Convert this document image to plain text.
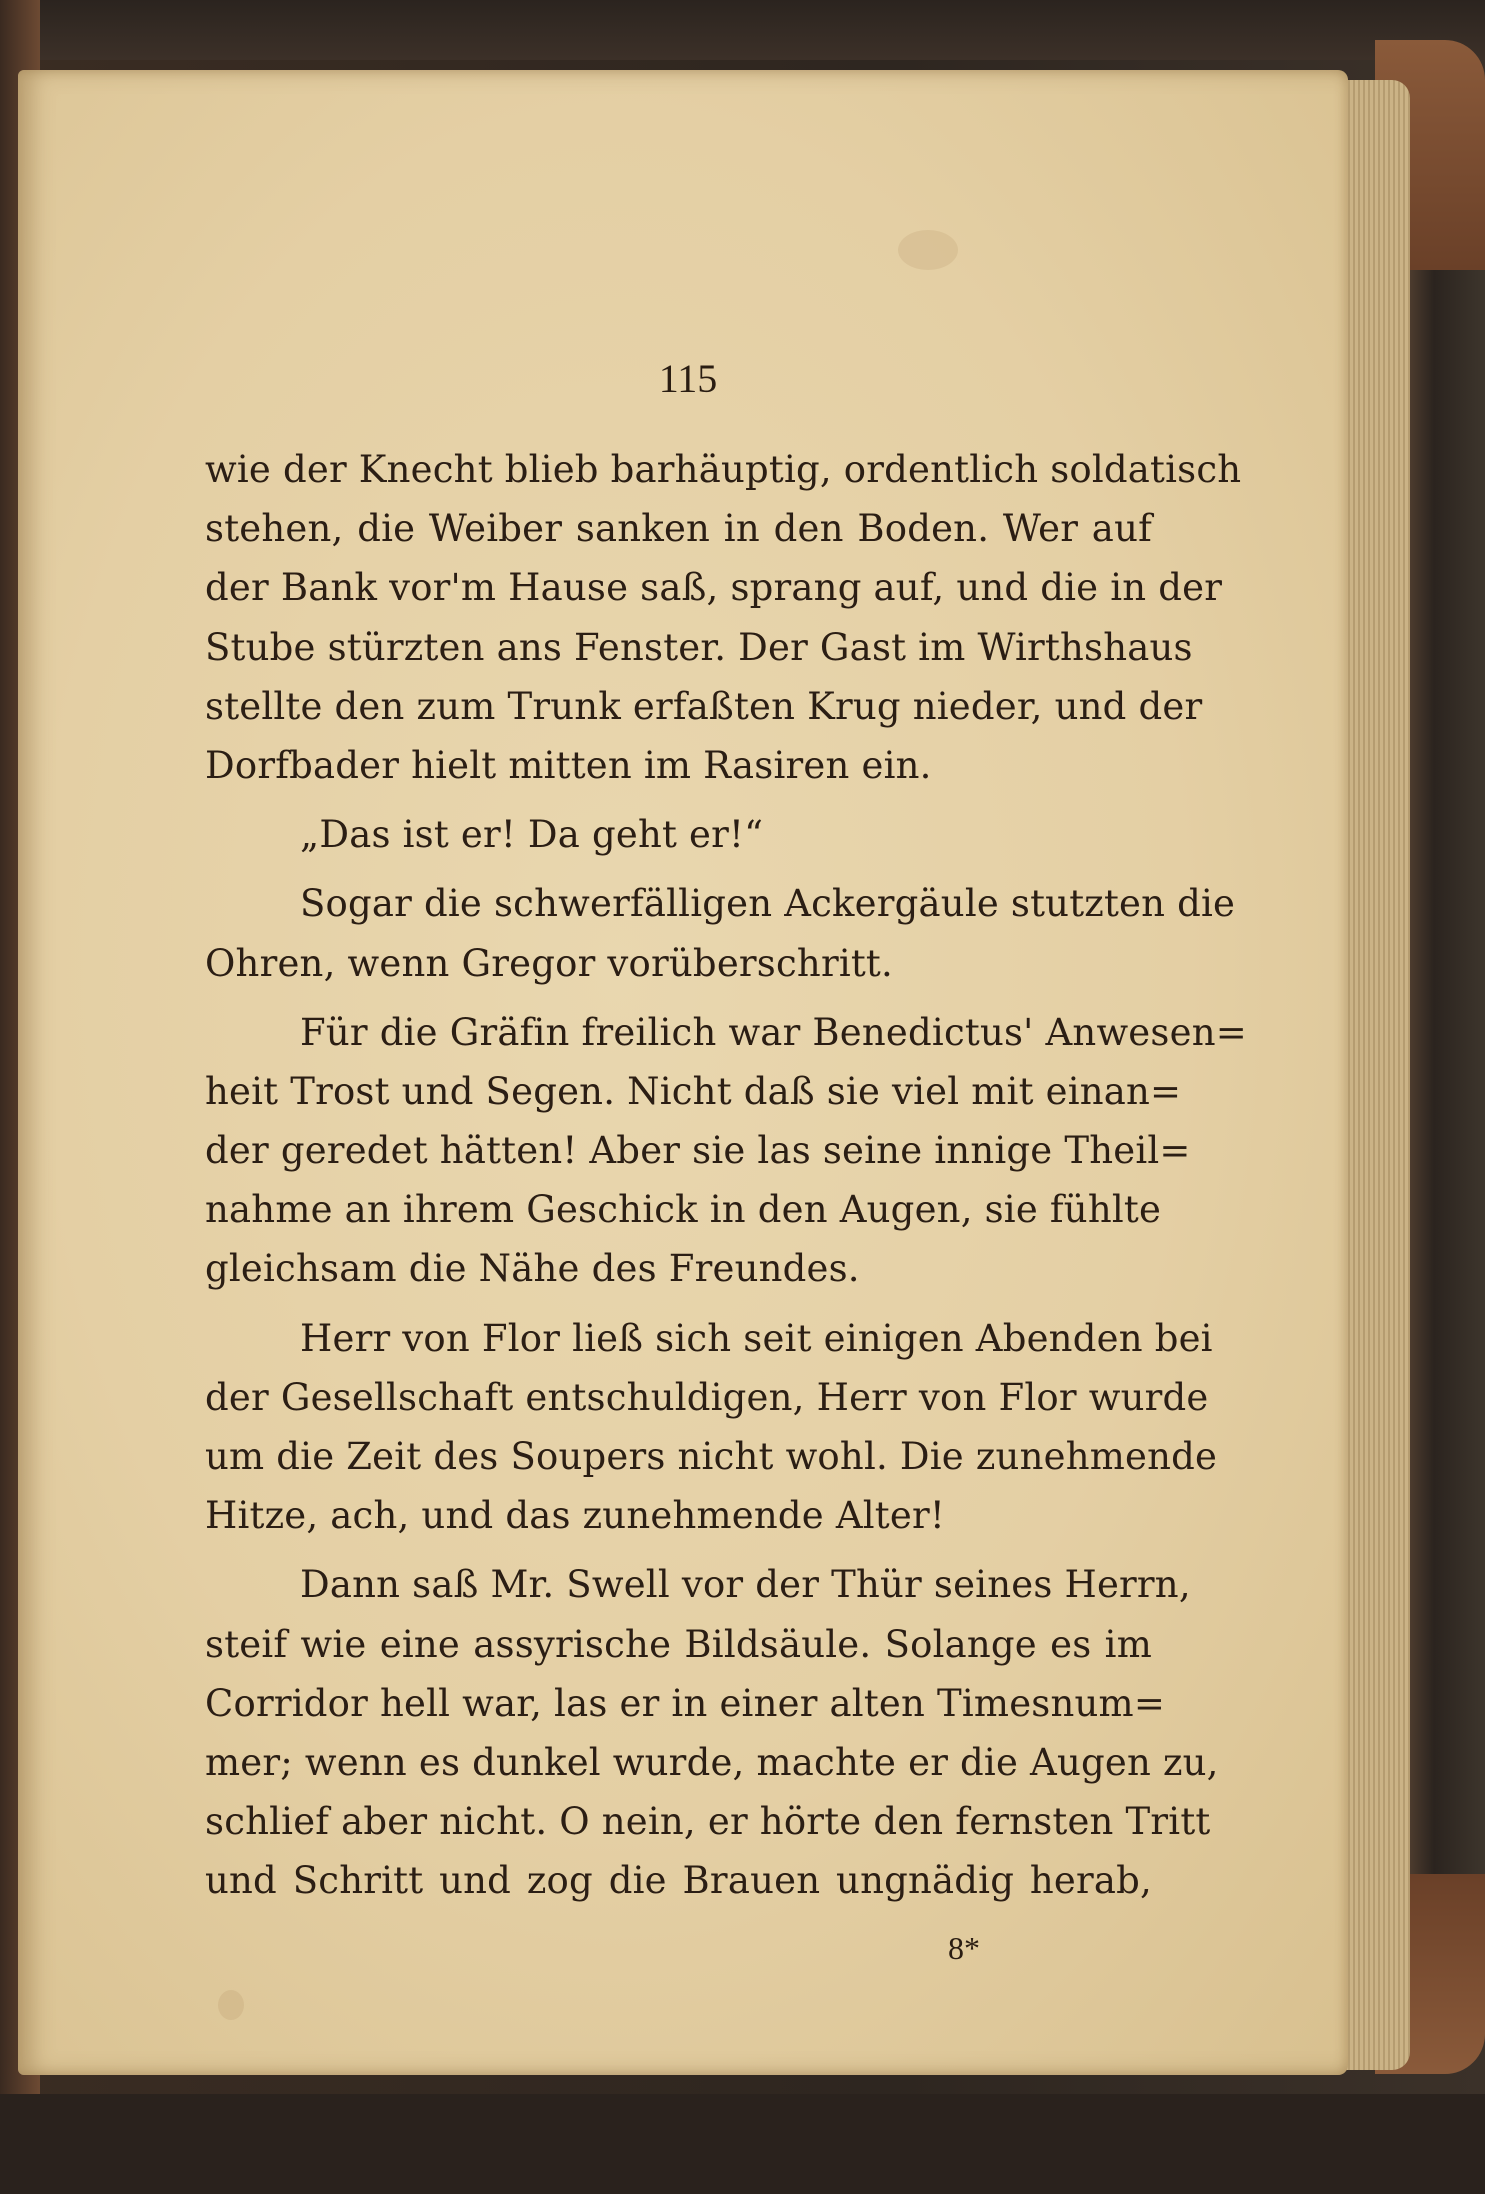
115
wie der Knecht blieb barhäuptig, ordentlich soldatisch
stehen, die Weiber sanken in den Boden. Wer auf
der Bank vor'm Hause saß, sprang auf, und die in der
Stube stürzten ans Fenster. Der Gast im Wirthshaus
stellte den zum Trunk erfaßten Krug nieder, und der
Dorfbader hielt mitten im Rasiren ein.
„Das ist er! Da geht er!“
Sogar die schwerfälligen Ackergäule stutzten die
Ohren, wenn Gregor vorüberschritt.
Für die Gräfin freilich war Benedictus' Anwesen=
heit Trost und Segen. Nicht daß sie viel mit einan=
der geredet hätten! Aber sie las seine innige Theil=
nahme an ihrem Geschick in den Augen, sie fühlte
gleichsam die Nähe des Freundes.
Herr von Flor ließ sich seit einigen Abenden bei
der Gesellschaft entschuldigen, Herr von Flor wurde
um die Zeit des Soupers nicht wohl. Die zunehmende
Hitze, ach, und das zunehmende Alter!
Dann saß Mr. Swell vor der Thür seines Herrn,
steif wie eine assyrische Bildsäule. Solange es im
Corridor hell war, las er in einer alten Timesnum=
mer; wenn es dunkel wurde, machte er die Augen zu,
schlief aber nicht. O nein, er hörte den fernsten Tritt
und Schritt und zog die Brauen ungnädig herab,
8*
